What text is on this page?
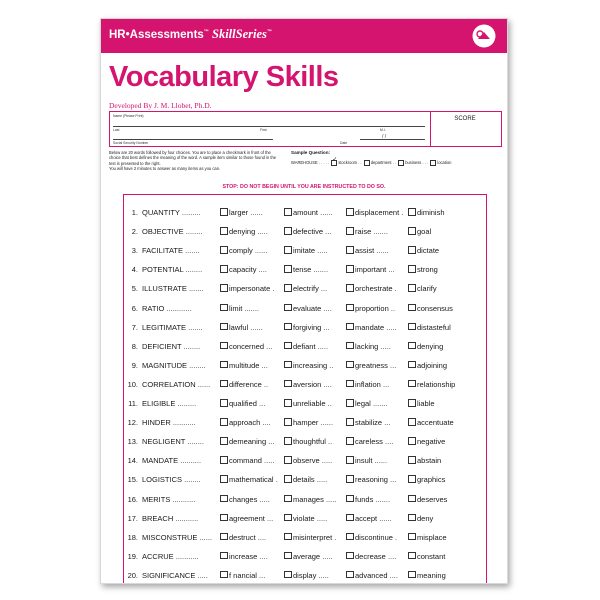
HR•Assessments™ SkillSeries™
Vocabulary Skills
Developed By J. M. Llobet, Ph.D.
Name (Please Print)
Last	First	M.I.
/ /
Social Security Number	Date
SCORE
Below are 20 words followed by four choices. You are to place a checkmark in front of the choice that best defines the meaning of the word. A sample item similar to those found in the test is presented to the right.
You will have 2 minutes to answer as many items as you can.
Sample Question:
WAREHOUSE . . . . . ✓ stockroom . . department . . business . . . location
STOP: DO NOT BEGIN UNTIL YOU ARE INSTRUCTED TO DO SO.
1. QUANTITY .........	larger ......	amount ......	displacement .	diminish
2. OBJECTIVE ........	denying .....	defective ...	raise .......	goal
3. FACILITATE .......	comply ......	imitate .....	assist ......	dictate
4. POTENTIAL ........	capacity ....	tense .......	important ...	strong
5. ILLUSTRATE .......	impersonate .	electrify ...	orchestrate .	clarify
6. RATIO ............	limit .......	evaluate ....	proportion ..	consensus
7. LEGITIMATE .......	lawful ......	forgiving ...	mandate .....	distasteful
8. DEFICIENT ........	concerned ...	defiant .....	lacking .....	denying
9. MAGNITUDE ........	multitude ...	increasing ..	greatness ...	adjoining
10. CORRELATION ......	difference ..	aversion ....	inflation ...	relationship
11. ELIGIBLE .........	qualified ...	unreliable ..	legal .......	liable
12. HINDER ...........	approach ....	hamper ......	stabilize ...	accentuate
13. NEGLIGENT ........	demeaning ...	thoughtful ..	careless ....	negative
14. MANDATE ..........	command .....	observe .....	insult ......	abstain
15. LOGISTICS ........	mathematical .	details .....	reasoning ...	graphics
16. MERITS ...........	changes .....	manages .....	funds .......	deserves
17. BREACH ...........	agreement ...	violate .....	accept ......	deny
18. MISCONSTRUE ......	destruct ....	misinterpret .	discontinue .	misplace
19. ACCRUE ...........	increase ....	average .....	decrease ....	constant
20. SIGNIFICANCE .....	f nancial ...	display .....	advanced ....	meaning
